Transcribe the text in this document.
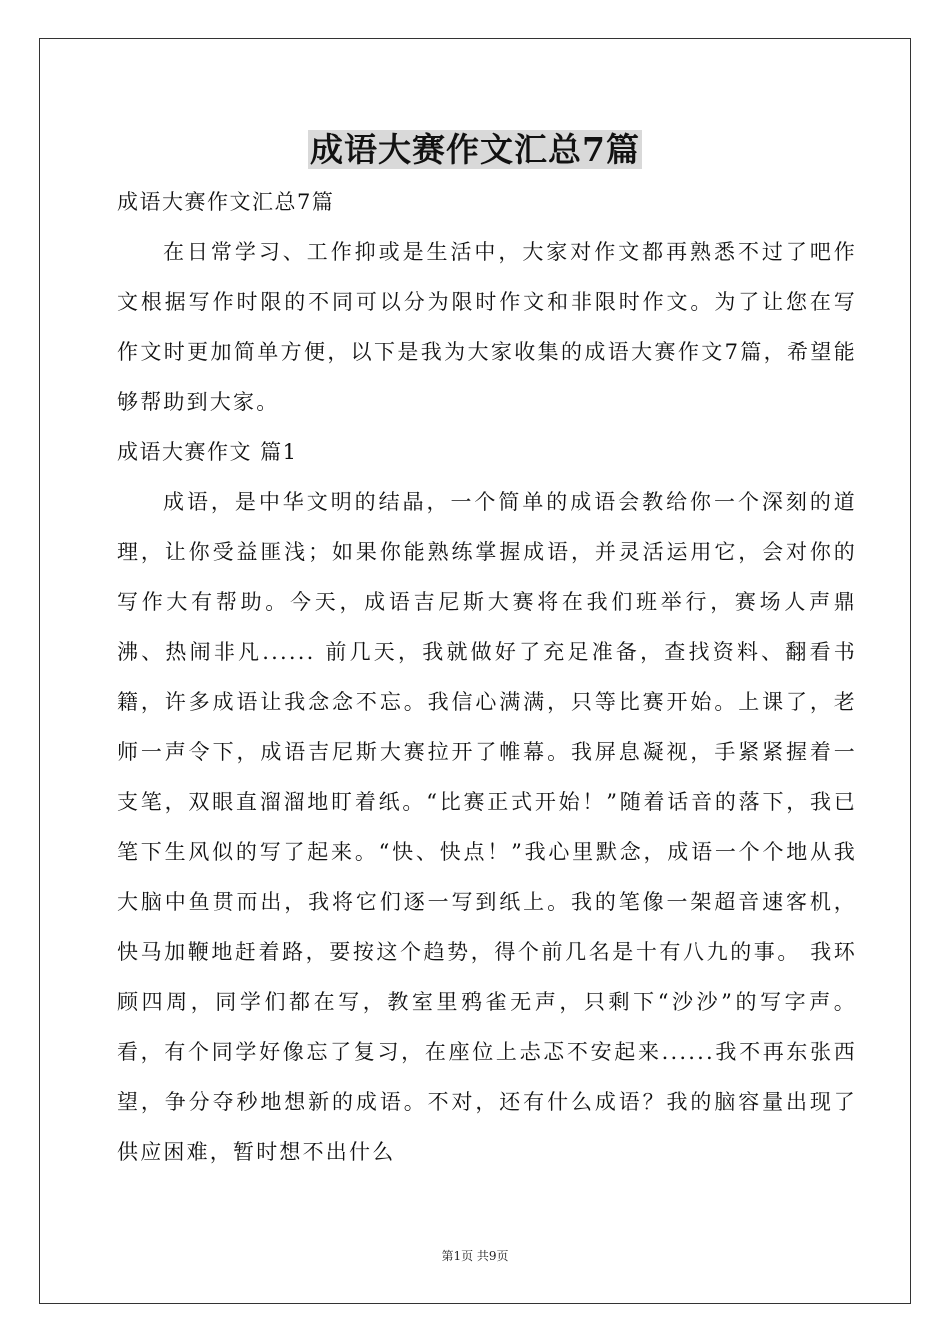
成语大赛作文汇总7篇

成语大赛作文汇总7篇

在日常学习、工作抑或是生活中，大家对作文都再熟悉不过了吧作文根据写作时限的不同可以分为限时作文和非限时作文。为了让您在写作文时更加简单方便，以下是我为大家收集的成语大赛作文7篇，希望能够帮助到大家。

成语大赛作文 篇1

成语，是中华文明的结晶，一个简单的成语会教给你一个深刻的道理，让你受益匪浅；如果你能熟练掌握成语，并灵活运用它，会对你的写作大有帮助。今天，成语吉尼斯大赛将在我们班举行，赛场人声鼎沸、热闹非凡...... 前几天，我就做好了充足准备，查找资料、翻看书籍，许多成语让我念念不忘。我信心满满，只等比赛开始。上课了，老师一声令下，成语吉尼斯大赛拉开了帷幕。我屏息凝视，手紧紧握着一支笔，双眼直溜溜地盯着纸。“比赛正式开始！”随着话音的落下，我已笔下生风似的写了起来。“快、快点！”我心里默念，成语一个个地从我大脑中鱼贯而出，我将它们逐一写到纸上。我的笔像一架超音速客机，快马加鞭地赶着路，要按这个趋势，得个前几名是十有八九的事。 我环顾四周，同学们都在写，教室里鸦雀无声，只剩下“沙沙”的写字声。看，有个同学好像忘了复习，在座位上忐忑不安起来......我不再东张西望，争分夺秒地想新的成语。不对，还有什么成语？我的脑容量出现了供应困难，暂时想不出什么

第1页 共9页
